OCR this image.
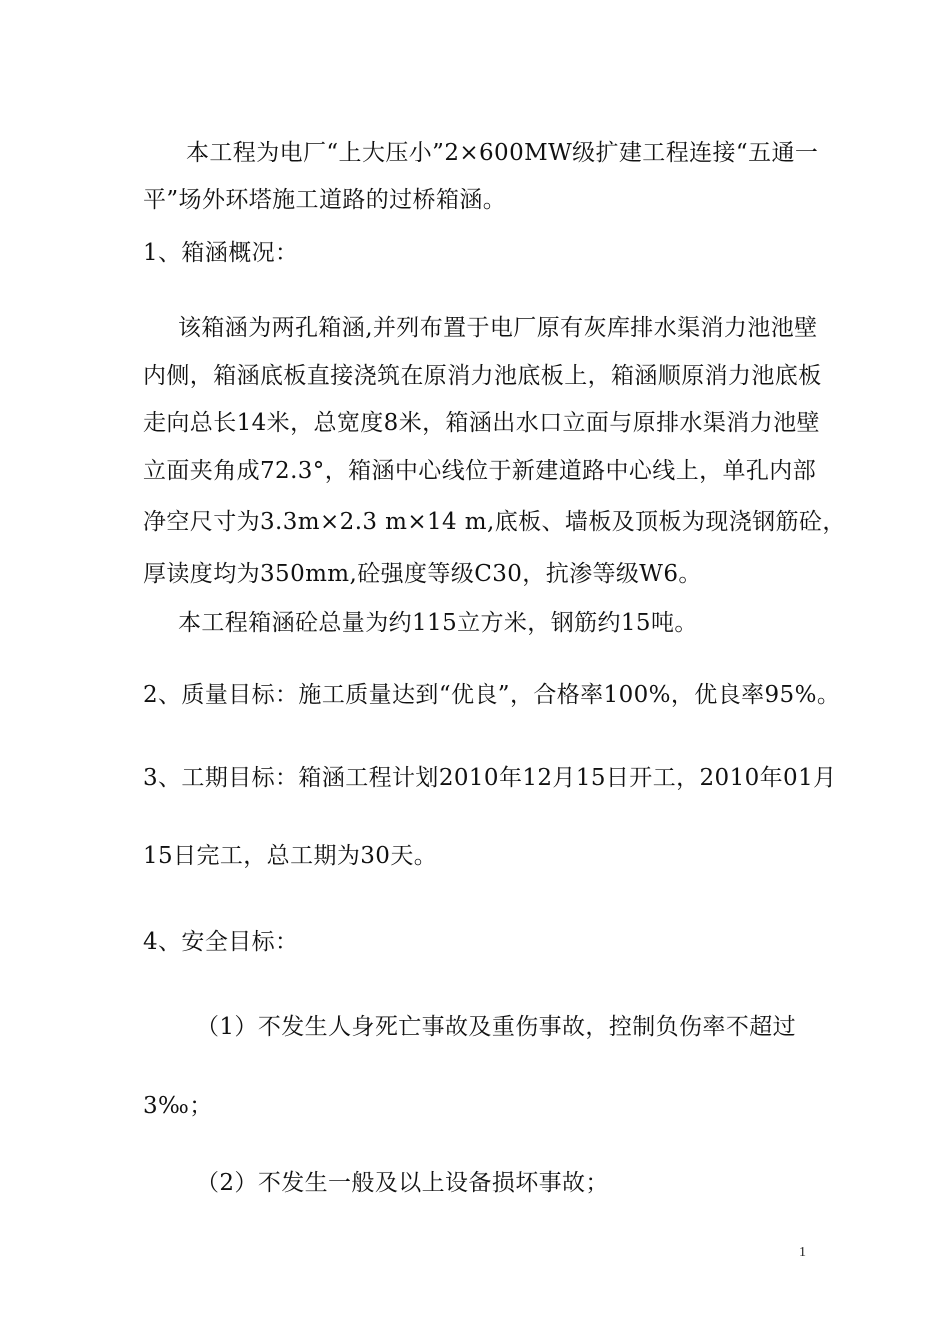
本工程为电厂“上大压小”2×600MW级扩建工程连接“五通一
平”场外环塔施工道路的过桥箱涵。
1、箱涵概况：
该箱涵为两孔箱涵,并列布置于电厂原有灰库排水渠消力池池壁
内侧，箱涵底板直接浇筑在原消力池底板上，箱涵顺原消力池底板
走向总长14米，总宽度8米，箱涵出水口立面与原排水渠消力池壁
立面夹角成72.3°，箱涵中心线位于新建道路中心线上，单孔内部
净空尺寸为3.3m×2.3 m×14 m,底板、墙板及顶板为现浇钢筋砼，
厚读度均为350mm,砼强度等级C30，抗渗等级W6。
本工程箱涵砼总量为约115立方米，钢筋约15吨。
2、质量目标：施工质量达到“优良”，合格率100%，优良率95%。
3、工期目标：箱涵工程计划2010年12月15日开工，2010年01月
15日完工，总工期为30天。
4、安全目标：
（1）不发生人身死亡事故及重伤事故，控制负伤率不超过
3‰；
（2）不发生一般及以上设备损坏事故；
1
